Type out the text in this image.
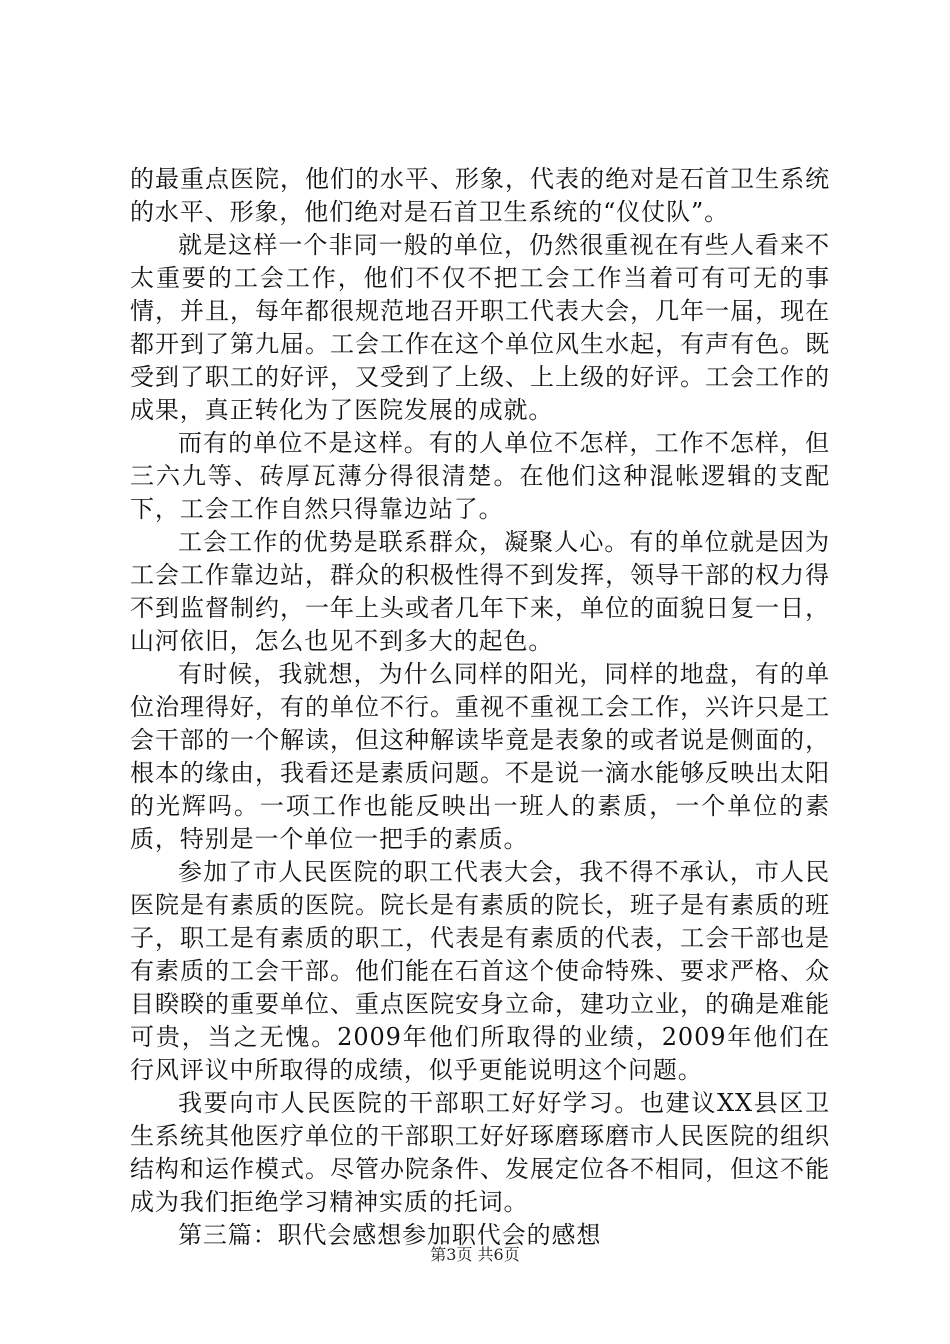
的最重点医院，他们的水平、形象，代表的绝对是石首卫生系统的水平、形象，他们绝对是石首卫生系统的“仪仗队”。

就是这样一个非同一般的单位，仍然很重视在有些人看来不太重要的工会工作，他们不仅不把工会工作当着可有可无的事情，并且，每年都很规范地召开职工代表大会，几年一届，现在都开到了第九届。工会工作在这个单位风生水起，有声有色。既受到了职工的好评，又受到了上级、上上级的好评。工会工作的成果，真正转化为了医院发展的成就。

而有的单位不是这样。有的人单位不怎样，工作不怎样，但三六九等、砖厚瓦薄分得很清楚。在他们这种混帐逻辑的支配下，工会工作自然只得靠边站了。

工会工作的优势是联系群众，凝聚人心。有的单位就是因为工会工作靠边站，群众的积极性得不到发挥，领导干部的权力得不到监督制约，一年上头或者几年下来，单位的面貌日复一日，山河依旧，怎么也见不到多大的起色。

有时候，我就想，为什么同样的阳光，同样的地盘，有的单位治理得好，有的单位不行。重视不重视工会工作，兴许只是工会干部的一个解读，但这种解读毕竟是表象的或者说是侧面的，根本的缘由，我看还是素质问题。不是说一滴水能够反映出太阳的光辉吗。一项工作也能反映出一班人的素质，一个单位的素质，特别是一个单位一把手的素质。

参加了市人民医院的职工代表大会，我不得不承认，市人民医院是有素质的医院。院长是有素质的院长，班子是有素质的班子，职工是有素质的职工，代表是有素质的代表，工会干部也是有素质的工会干部。他们能在石首这个使命特殊、要求严格、众目睽睽的重要单位、重点医院安身立命，建功立业，的确是难能可贵，当之无愧。2009年他们所取得的业绩，2009年他们在行风评议中所取得的成绩，似乎更能说明这个问题。

我要向市人民医院的干部职工好好学习。也建议XX县区卫生系统其他医疗单位的干部职工好好琢磨琢磨市人民医院的组织结构和运作模式。尽管办院条件、发展定位各不相同，但这不能成为我们拒绝学习精神实质的托词。

第三篇：职代会感想参加职代会的感想

第3页 共6页
